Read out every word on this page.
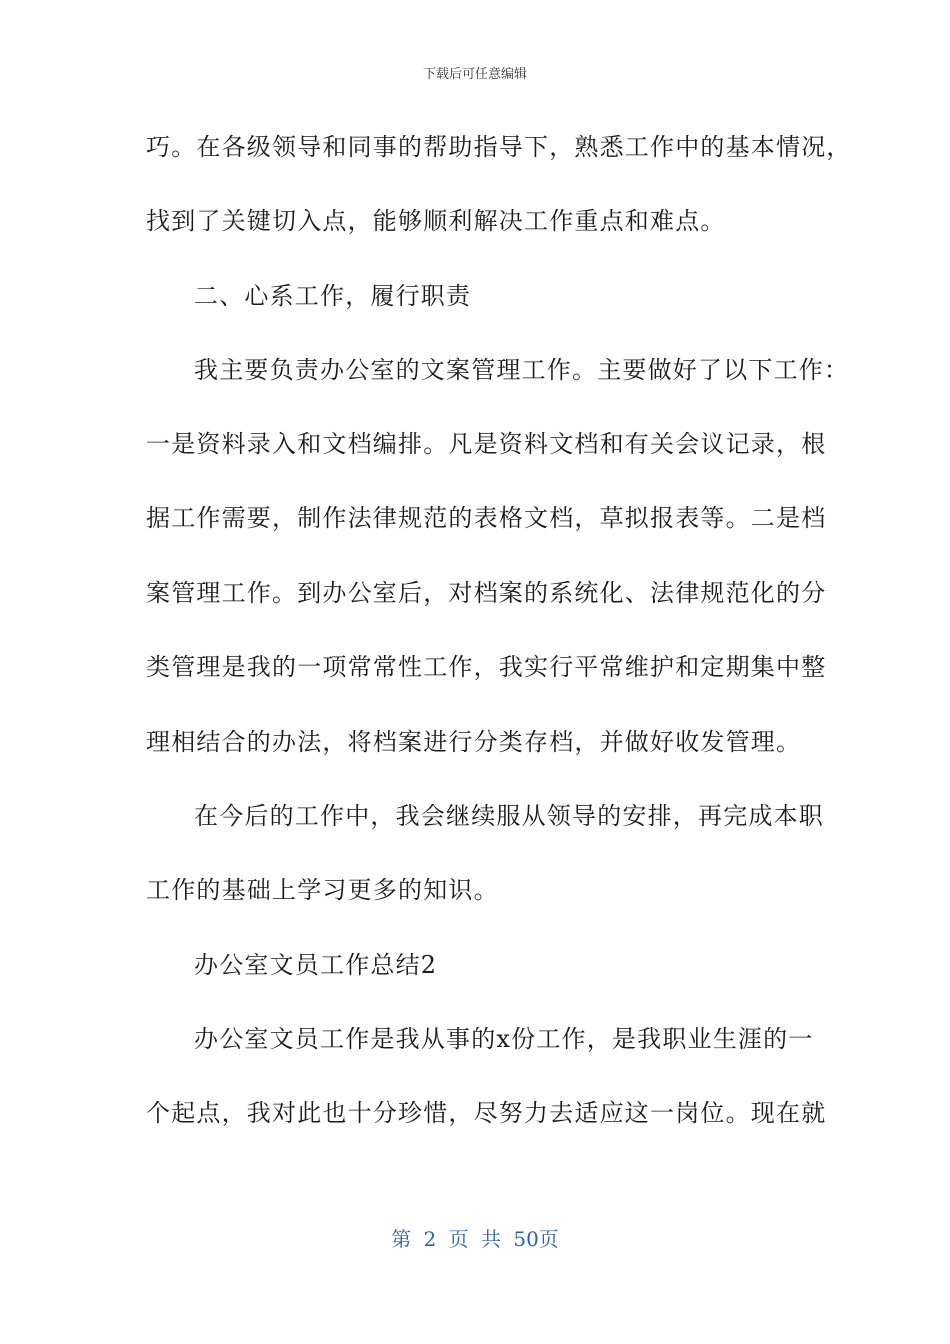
下载后可任意编辑
巧。在各级领导和同事的帮助指导下，熟悉工作中的基本情况，
找到了关键切入点，能够顺利解决工作重点和难点。
二、心系工作，履行职责
我主要负责办公室的文案管理工作。主要做好了以下工作：
一是资料录入和文档编排。凡是资料文档和有关会议记录，根
据工作需要，制作法律规范的表格文档，草拟报表等。二是档
案管理工作。到办公室后，对档案的系统化、法律规范化的分
类管理是我的一项常常性工作，我实行平常维护和定期集中整
理相结合的办法，将档案进行分类存档，并做好收发管理。
在今后的工作中，我会继续服从领导的安排，再完成本职
工作的基础上学习更多的知识。
办公室文员工作总结2
办公室文员工作是我从事的x份工作，是我职业生涯的一
个起点，我对此也十分珍惜，尽努力去适应这一岗位。现在就
第 2 页 共 50页
